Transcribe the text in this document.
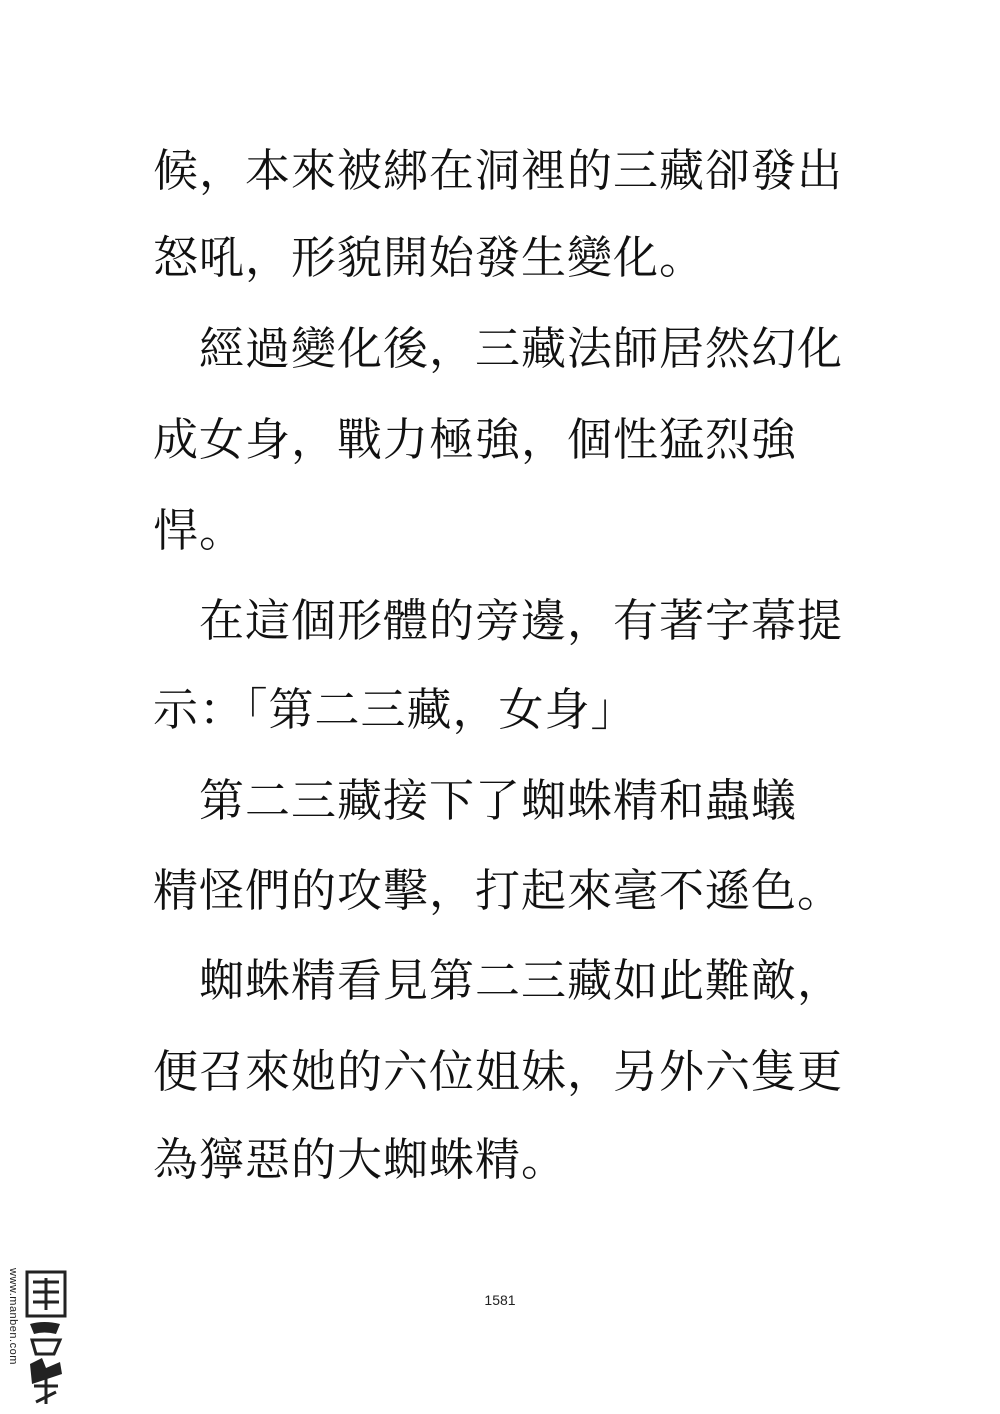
候，本來被綁在洞裡的三藏卻發出
怒吼，形貌開始發生變化。
　經過變化後，三藏法師居然幻化
成女身，戰力極強，個性猛烈強
悍。
　在這個形體的旁邊，有著字幕提
示：「第二三藏，女身」
　第二三藏接下了蜘蛛精和蟲蟻
精怪們的攻擊，打起來毫不遜色。
　蜘蛛精看見第二三藏如此難敵，
便召來她的六位姐妹，另外六隻更
為獰惡的大蜘蛛精。
1581
www.manben.com
